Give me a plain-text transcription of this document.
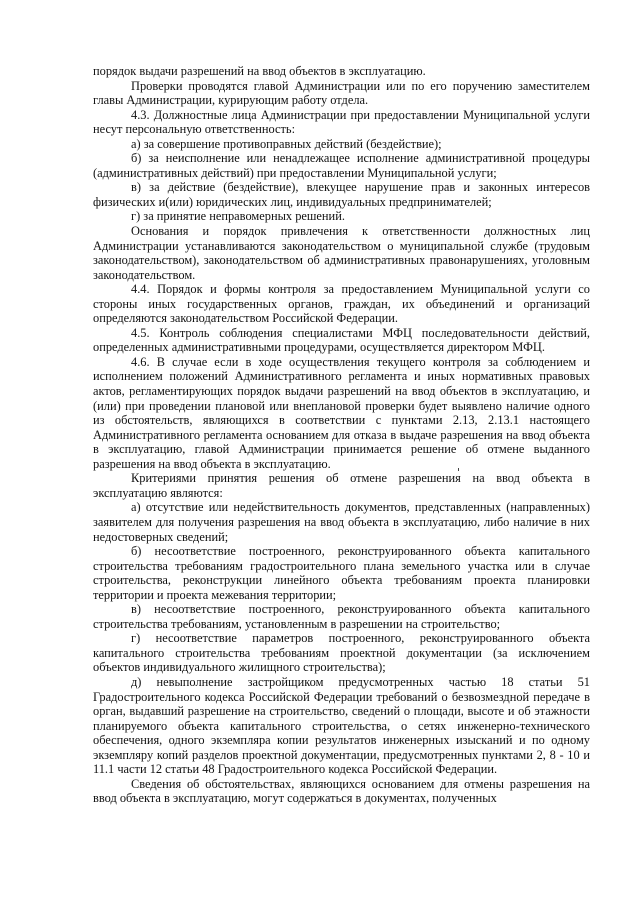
порядок выдачи разрешений на ввод объектов в эксплуатацию.

Проверки проводятся главой Администрации или по его поручению заместителем главы Администрации, курирующим работу отдела.

4.3. Должностные лица Администрации при предоставлении Муниципальной услуги несут персональную ответственность:

а) за совершение противоправных действий (бездействие);

б) за неисполнение или ненадлежащее исполнение административной процедуры (административных действий) при предоставлении Муниципальной услуги;

в) за действие (бездействие), влекущее нарушение прав и законных интересов физических и(или) юридических лиц, индивидуальных предпринимателей;

г) за принятие неправомерных решений.

Основания и порядок привлечения к ответственности должностных лиц Администрации устанавливаются законодательством о муниципальной службе (трудовым законодательством), законодательством об административных правонарушениях, уголовным законодательством.

4.4. Порядок и формы контроля за предоставлением Муниципальной услуги со стороны иных государственных органов, граждан, их объединений и организаций определяются законодательством Российской Федерации.

4.5. Контроль соблюдения специалистами МФЦ последовательности действий, определенных административными процедурами, осуществляется директором МФЦ.

4.6. В случае если в ходе осуществления текущего контроля за соблюдением и исполнением положений Административного регламента и иных нормативных правовых актов, регламентирующих порядок выдачи разрешений на ввод объектов в эксплуатацию, и (или) при проведении плановой или внеплановой проверки будет выявлено наличие одного из обстоятельств, являющихся в соответствии с пунктами 2.13, 2.13.1 настоящего Административного регламента основанием для отказа в выдаче разрешения на ввод объекта в эксплуатацию, главой Администрации принимается решение об отмене выданного разрешения на ввод объекта в эксплуатацию.

Критериями принятия решения об отмене разрешения на ввод объекта в эксплуатацию являются:

а) отсутствие или недействительность документов, представленных (направленных) заявителем для получения разрешения на ввод объекта в эксплуатацию, либо наличие в них недостоверных сведений;

б) несоответствие построенного, реконструированного объекта капитального строительства требованиям градостроительного плана земельного участка или в случае строительства, реконструкции линейного объекта требованиям проекта планировки территории и проекта межевания территории;

в) несоответствие построенного, реконструированного объекта капитального строительства требованиям, установленным в разрешении на строительство;

г) несоответствие параметров построенного, реконструированного объекта капитального строительства требованиям проектной документации (за исключением объектов индивидуального жилищного строительства);

д) невыполнение застройщиком предусмотренных частью 18 статьи 51 Градостроительного кодекса Российской Федерации требований о безвозмездной передаче в орган, выдавший разрешение на строительство, сведений о площади, высоте и об этажности планируемого объекта капитального строительства, о сетях инженерно-технического обеспечения, одного экземпляра копии результатов инженерных изысканий и по одному экземпляру копий разделов проектной документации, предусмотренных пунктами 2, 8 - 10 и 11.1 части 12 статьи 48 Градостроительного кодекса Российской Федерации.

Сведения об обстоятельствах, являющихся основанием для отмены разрешения на ввод объекта в эксплуатацию, могут содержаться в документах, полученных
